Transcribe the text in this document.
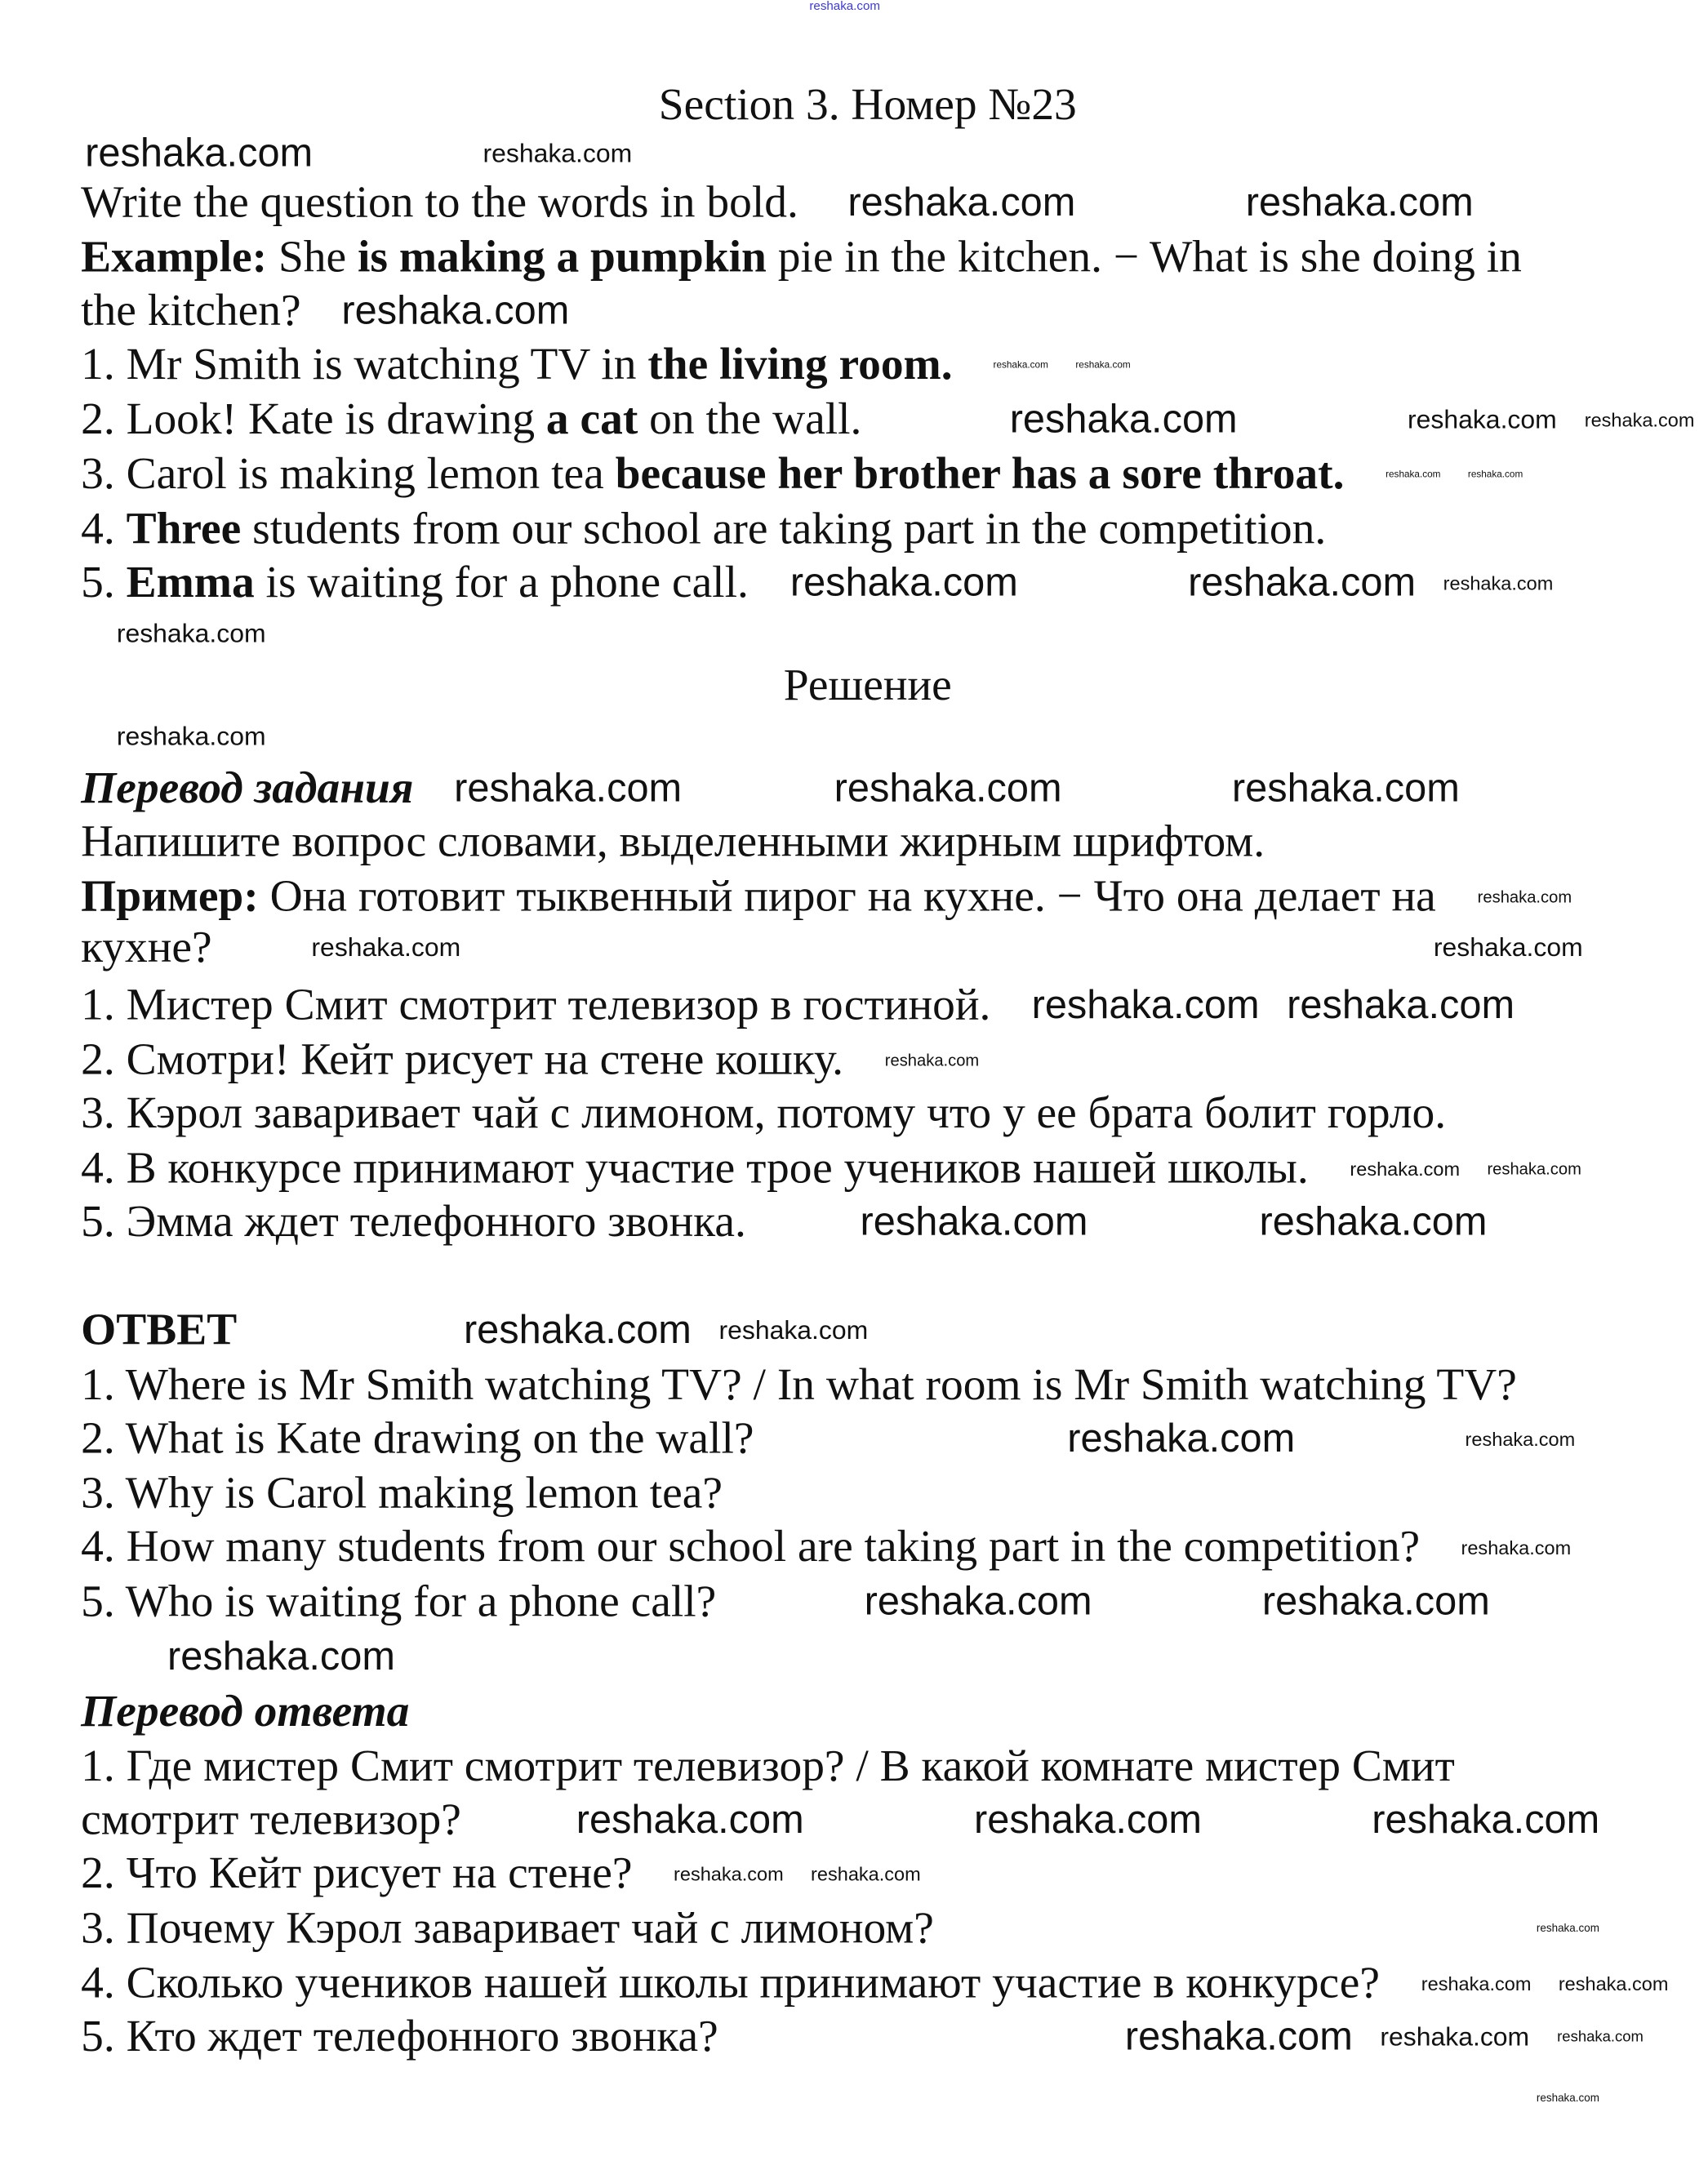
reshaka.com
Section 3. Номер №23
Write the question to the words in bold.
Example: She is making a pumpkin pie in the kitchen. − What is she doing in
the kitchen?
1. Mr Smith is watching TV in the living room.
2. Look! Kate is drawing a cat on the wall.
3. Carol is making lemon tea because her brother has a sore throat.
4. Three students from our school are taking part in the competition.
5. Emma is waiting for a phone call.
Решение
Перевод задания
Напишите вопрос словами, выделенными жирным шрифтом.
Пример: Она готовит тыквенный пирог на кухне. − Что она делает на
кухне?
1. Мистер Смит смотрит телевизор в гостиной.
2. Смотри! Кейт рисует на стене кошку.
3. Кэрол заваривает чай с лимоном, потому что у ее брата болит горло.
4. В конкурсе принимают участие трое учеников нашей школы.
5. Эмма ждет телефонного звонка.
ОТВЕТ
1. Where is Mr Smith watching TV? / In what room is Mr Smith watching TV?
2. What is Kate drawing on the wall?
3. Why is Carol making lemon tea?
4. How many students from our school are taking part in the competition?
5. Who is waiting for a phone call?
Перевод ответа
1. Где мистер Смит смотрит телевизор? / В какой комнате мистер Смит
смотрит телевизор?
2. Что Кейт рисует на стене?
3. Почему Кэрол заваривает чай с лимоном?
4. Сколько учеников нашей школы принимают участие в конкурсе?
5. Кто ждет телефонного звонка?
reshaka.com
reshaka.com	reshaka.com
reshaka.com
reshaka.com
reshaka.com	reshaka.com
reshaka.com	reshaka.com	reshaka.com
reshaka.com reshaka.com
reshaka.com	reshaka.com
reshaka.com
reshaka.com
reshaka.com	reshaka.com
reshaka.com
reshaka.com	reshaka.com	reshaka.com
reshaka.com
reshaka.com
reshaka.com
reshaka.com
reshaka.com
reshaka.com	reshaka.com
reshaka.com
reshaka.com
reshaka.com
reshaka.com
reshaka.com
reshaka.com reshaka.com
reshaka.com reshaka.com
reshaka.com
reshaka.com
reshaka.com
reshaka.com
reshaka.com
reshaka.com
reshaka.com	reshaka.com
reshaka.com	reshaka.com
reshaka.com
reshaka.com
